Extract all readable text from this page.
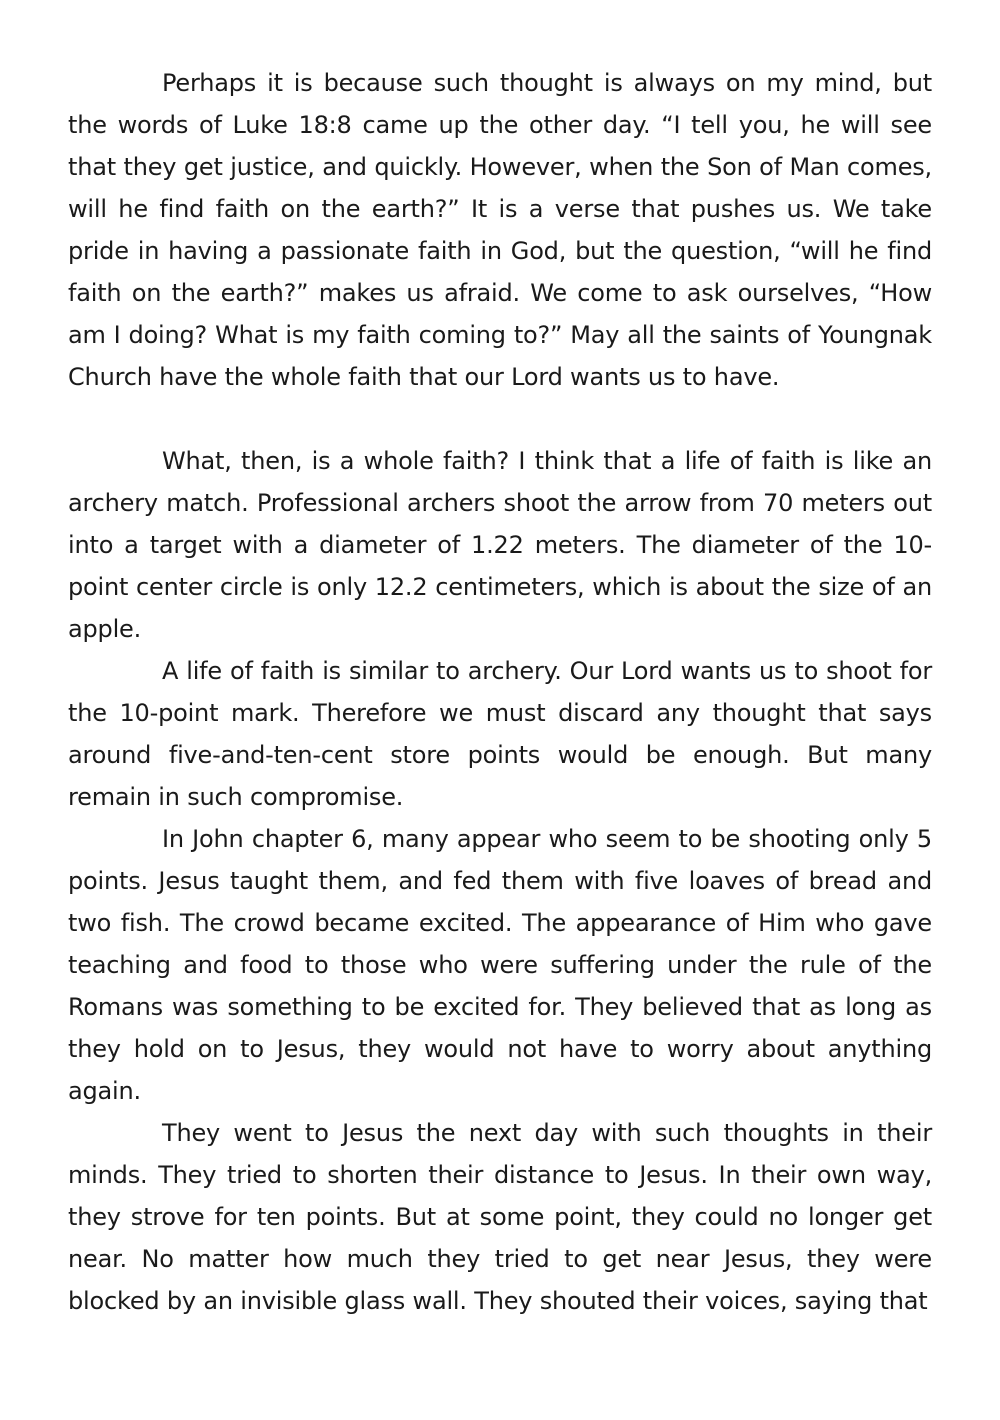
Perhaps it is because such thought is always on my mind, but the words of Luke 18:8 came up the other day. “I tell you, he will see that they get justice, and quickly. However, when the Son of Man comes, will he find faith on the earth?” It is a verse that pushes us. We take pride in having a passionate faith in God, but the question, “will he find faith on the earth?” makes us afraid. We come to ask ourselves, “How am I doing? What is my faith coming to?” May all the saints of Youngnak Church have the whole faith that our Lord wants us to have.

What, then, is a whole faith? I think that a life of faith is like an archery match. Professional archers shoot the arrow from 70 meters out into a target with a diameter of 1.22 meters. The diameter of the 10-point center circle is only 12.2 centimeters, which is about the size of an apple.

A life of faith is similar to archery. Our Lord wants us to shoot for the 10-point mark. Therefore we must discard any thought that says around five-and-ten-cent store points would be enough. But many remain in such compromise.

In John chapter 6, many appear who seem to be shooting only 5 points. Jesus taught them, and fed them with five loaves of bread and two fish. The crowd became excited. The appearance of Him who gave teaching and food to those who were suffering under the rule of the Romans was something to be excited for. They believed that as long as they hold on to Jesus, they would not have to worry about anything again.

They went to Jesus the next day with such thoughts in their minds. They tried to shorten their distance to Jesus. In their own way, they strove for ten points. But at some point, they could no longer get near. No matter how much they tried to get near Jesus, they were blocked by an invisible glass wall. They shouted their voices, saying that
